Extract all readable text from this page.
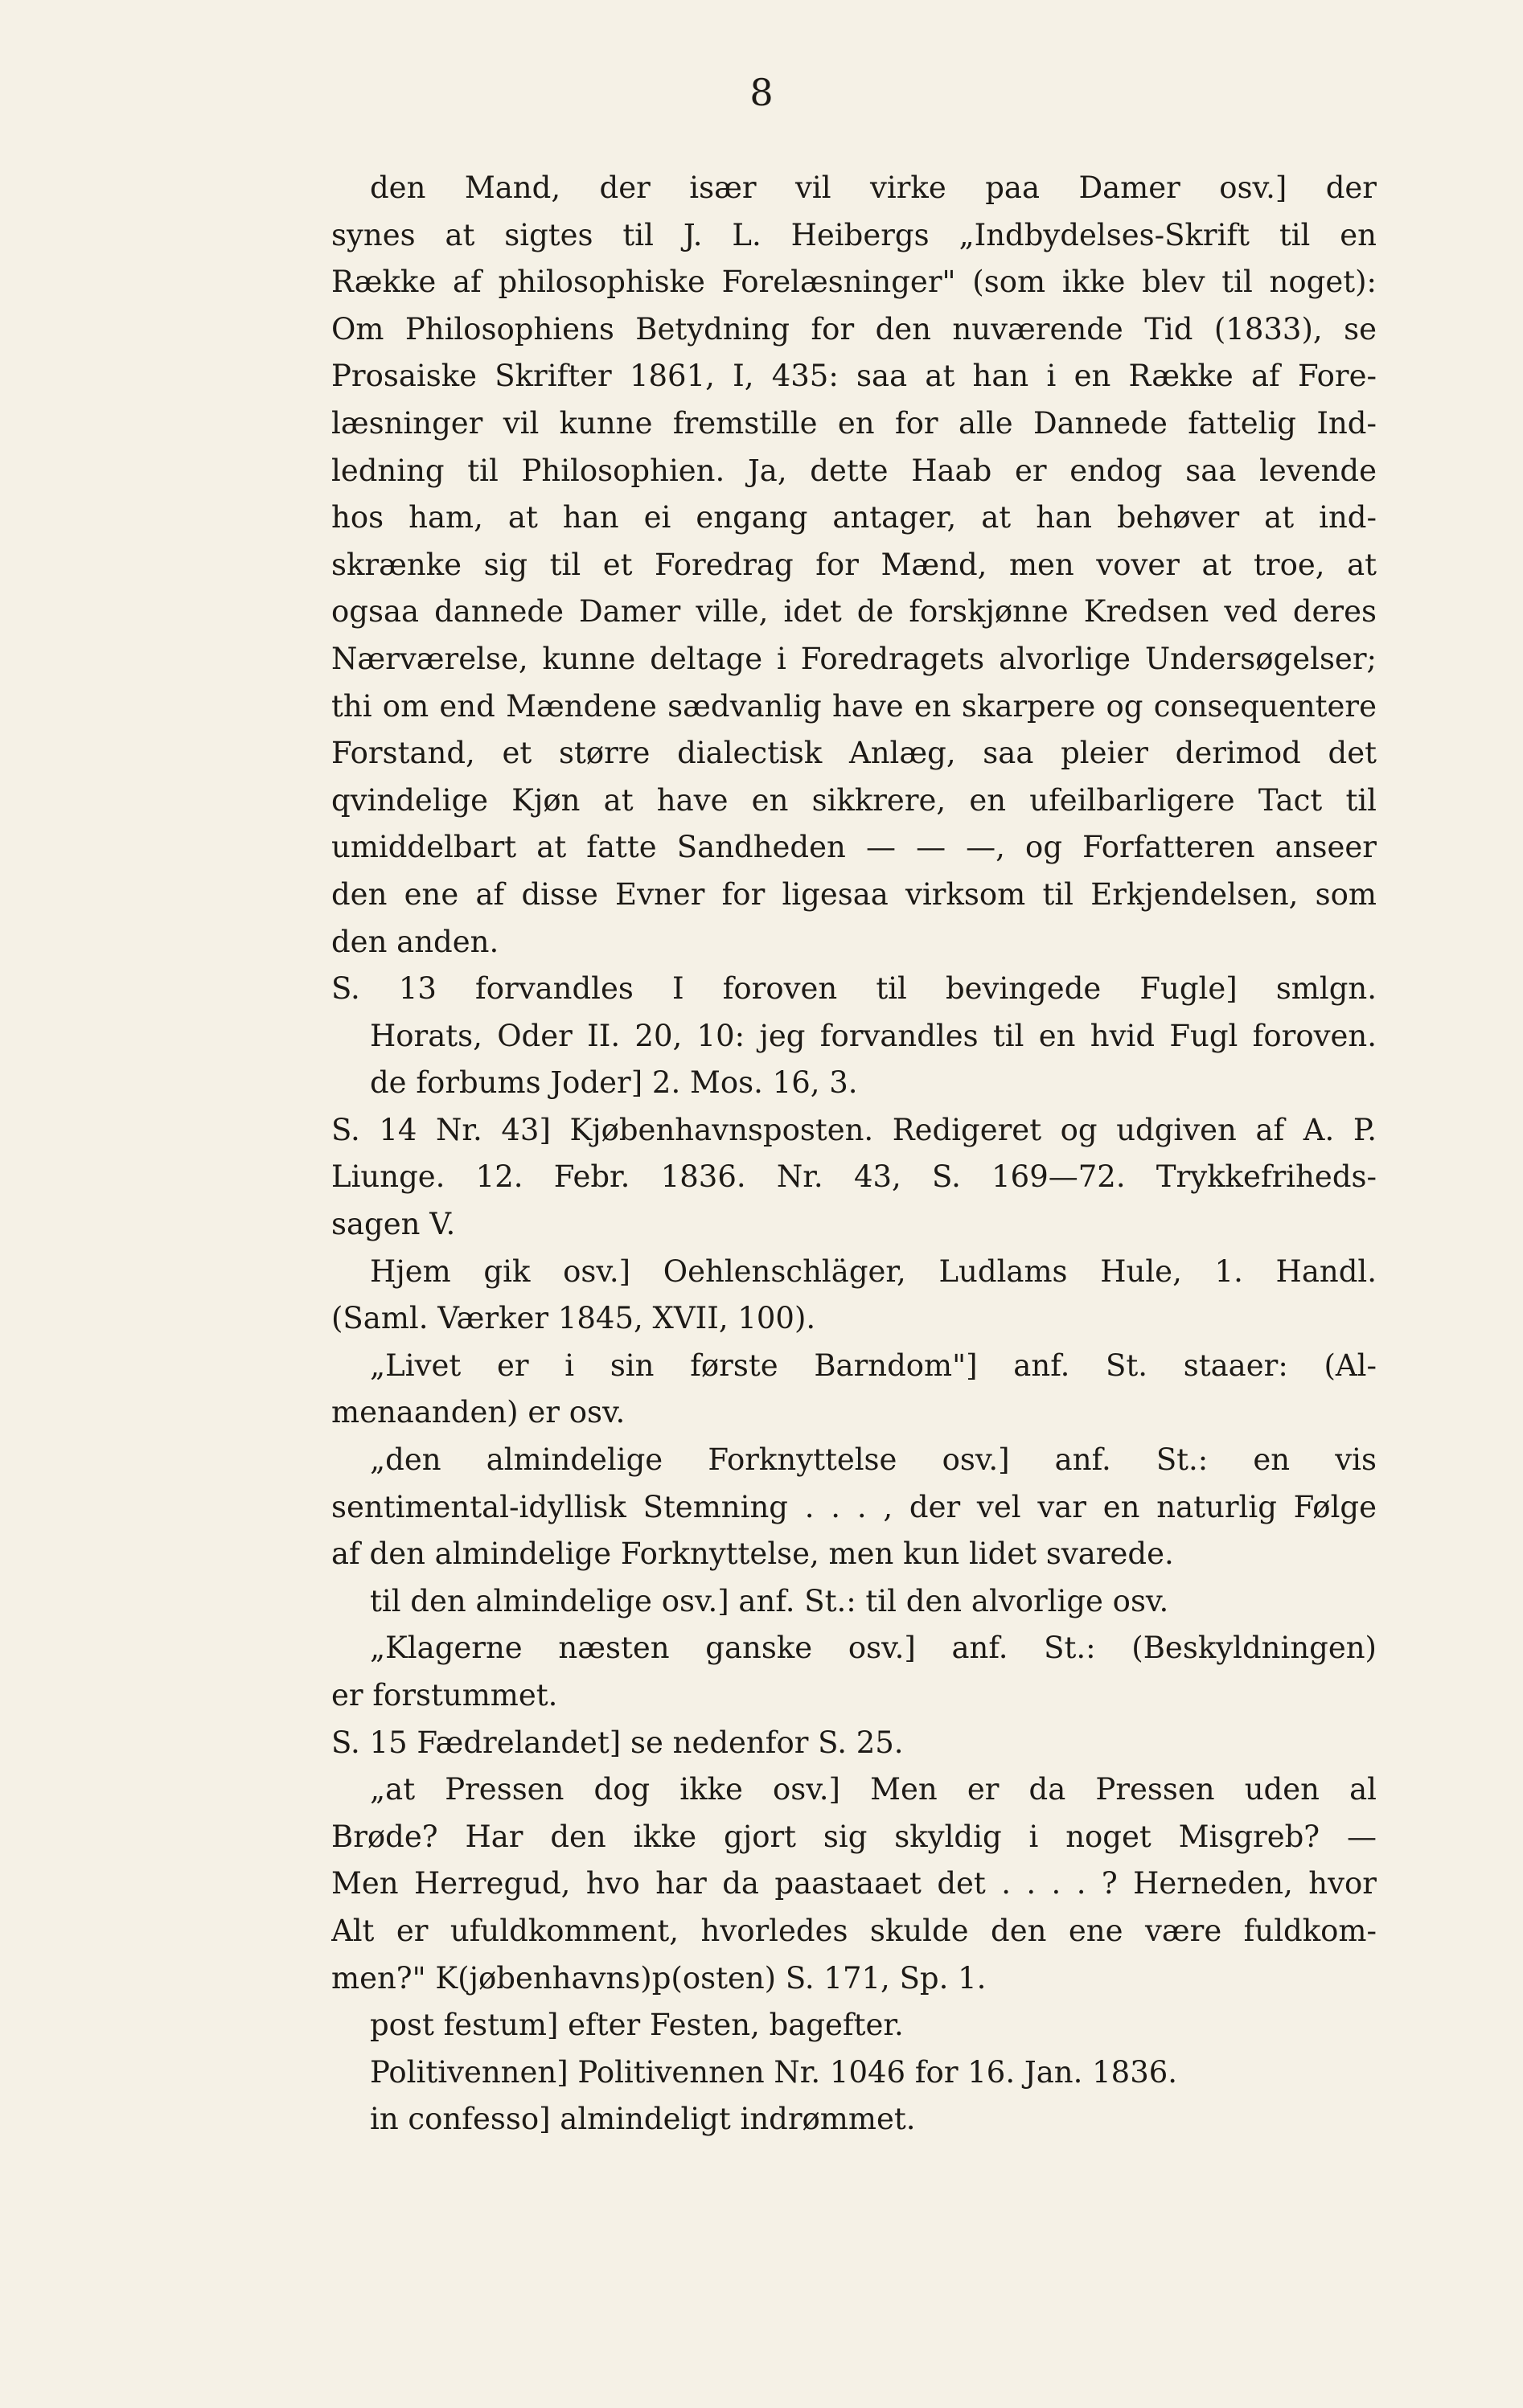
8
den Mand, der især vil virke paa Damer osv.] der
synes at sigtes til J. L. Heibergs „Indbydelses-Skrift til en
Række af philosophiske Forelæsninger" (som ikke blev til noget):
Om Philosophiens Betydning for den nuværende Tid (1833), se
Prosaiske Skrifter 1861, I, 435: saa at han i en Række af Fore-
læsninger vil kunne fremstille en for alle Dannede fattelig Ind-
ledning til Philosophien. Ja, dette Haab er endog saa levende
hos ham, at han ei engang antager, at han behøver at ind-
skrænke sig til et Foredrag for Mænd, men vover at troe, at
ogsaa dannede Damer ville, idet de forskjønne Kredsen ved deres
Nærværelse, kunne deltage i Foredragets alvorlige Undersøgelser;
thi om end Mændene sædvanlig have en skarpere og consequentere
Forstand, et større dialectisk Anlæg, saa pleier derimod det
qvindelige Kjøn at have en sikkrere, en ufeilbarligere Tact til
umiddelbart at fatte Sandheden — — —, og Forfatteren anseer
den ene af disse Evner for ligesaa virksom til Erkjendelsen, som
den anden.
S. 13 forvandles I foroven til bevingede Fugle] smlgn.
Horats, Oder II. 20, 10: jeg forvandles til en hvid Fugl foroven.
de forbums Joder] 2. Mos. 16, 3.
S. 14 Nr. 43] Kjøbenhavnsposten. Redigeret og udgiven af A. P.
Liunge. 12. Febr. 1836. Nr. 43, S. 169—72. Trykkefriheds-
sagen V.
Hjem gik osv.] Oehlenschläger, Ludlams Hule, 1. Handl.
(Saml. Værker 1845, XVII, 100).
„Livet er i sin første Barndom"] anf. St. staaer: (Al-
menaanden) er osv.
„den almindelige Forknyttelse osv.] anf. St.: en vis
sentimental-idyllisk Stemning . . . , der vel var en naturlig Følge
af den almindelige Forknyttelse, men kun lidet svarede.
til den almindelige osv.] anf. St.: til den alvorlige osv.
„Klagerne næsten ganske osv.] anf. St.: (Beskyldningen)
er forstummet.
S. 15 Fædrelandet] se nedenfor S. 25.
„at Pressen dog ikke osv.] Men er da Pressen uden al
Brøde? Har den ikke gjort sig skyldig i noget Misgreb? —
Men Herregud, hvo har da paastaaet det . . . . ? Herneden, hvor
Alt er ufuldkomment, hvorledes skulde den ene være fuldkom-
men?" K(jøbenhavns)p(osten) S. 171, Sp. 1.
post festum] efter Festen, bagefter.
Politivennen] Politivennen Nr. 1046 for 16. Jan. 1836.
in confesso] almindeligt indrømmet.
